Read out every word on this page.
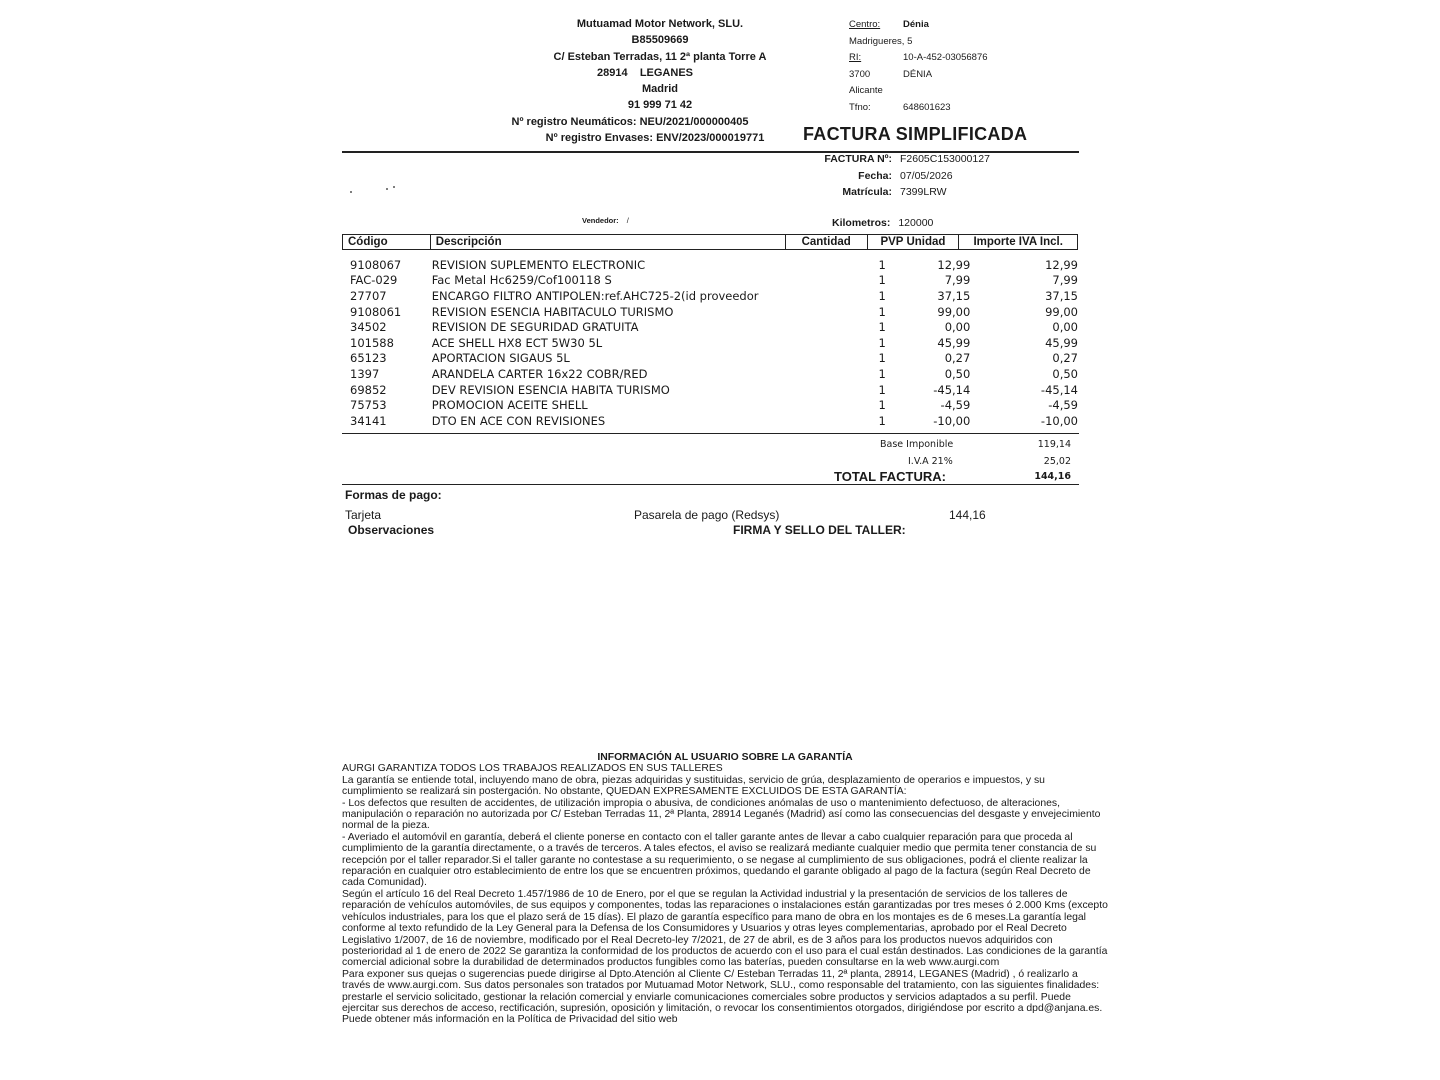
Mutuamad Motor Network, SLU.
B85509669
C/ Esteban Terradas, 11 2ª planta Torre A
28914    LEGANES
Madrid
91 999 71 42
Nº registro Neumáticos: NEU/2021/000000405
Nº registro Envases: ENV/2023/000019771
Centro:	Dénia
Madrigueres, 5
RI:	10-A-452-03056876
3700	DÉNIA
Alicante
Tfno:	648601623
FACTURA SIMPLIFICADA
FACTURA Nº: F2605C153000127
Fecha: 07/05/2026
Matrícula: 7399LRW
Vendedor: /	Kilometros: 120000
Código	Descripción	Cantidad	PVP Unidad	Importe IVA Incl.
9108067	REVISION SUPLEMENTO ELECTRONIC	1	12,99	12,99
FAC-029	Fac Metal Hc6259/Cof100118 S	1	7,99	7,99
27707	ENCARGO FILTRO ANTIPOLEN:ref.AHC725-2(id proveedor	1	37,15	37,15
9108061	REVISION ESENCIA HABITACULO TURISMO	1	99,00	99,00
34502	REVISION DE SEGURIDAD GRATUITA	1	0,00	0,00
101588	ACE SHELL HX8 ECT 5W30 5L	1	45,99	45,99
65123	APORTACION SIGAUS 5L	1	0,27	0,27
1397	ARANDELA CARTER 16x22 COBR/RED	1	0,50	0,50
69852	DEV REVISION ESENCIA HABITA TURISMO	1	-45,14	-45,14
75753	PROMOCION ACEITE SHELL	1	-4,59	-4,59
34141	DTO EN ACE CON REVISIONES	1	-10,00	-10,00
Base Imponible	119,14
I.V.A 21%	25,02
TOTAL FACTURA:	144,16
Formas de pago:
Tarjeta	Pasarela de pago (Redsys)	144,16
Observaciones	FIRMA Y SELLO DEL TALLER:
INFORMACIÓN AL USUARIO SOBRE LA GARANTÍA

AURGI GARANTIZA TODOS LOS TRABAJOS REALIZADOS EN SUS TALLERES

La garantía se entiende total, incluyendo mano de obra, piezas adquiridas y sustituidas, servicio de grúa, desplazamiento de operarios e impuestos, y su cumplimiento se realizará sin postergación. No obstante, QUEDAN EXPRESAMENTE EXCLUIDOS DE ESTA GARANTÍA:

- Los defectos que resulten de accidentes, de utilización impropia o abusiva, de condiciones anómalas de uso o mantenimiento defectuoso, de alteraciones, manipulación o reparación no autorizada por C/ Esteban Terradas 11, 2ª Planta, 28914 Leganés (Madrid) así como las consecuencias del desgaste y envejecimiento normal de la pieza.

- Averiado el automóvil en garantía, deberá el cliente ponerse en contacto con el taller garante antes de llevar a cabo cualquier reparación para que proceda al cumplimiento de la garantía directamente, o a través de terceros. A tales efectos, el aviso se realizará mediante cualquier medio que permita tener constancia de su recepción por el taller reparador.Si el taller garante no contestase a su requerimiento, o se negase al cumplimiento de sus obligaciones, podrá el cliente realizar la reparación en cualquier otro establecimiento de entre los que se encuentren próximos, quedando el garante obligado al pago de la factura (según Real Decreto de cada Comunidad).

Según el artículo 16 del Real Decreto 1.457/1986 de 10 de Enero, por el que se regulan la Actividad industrial y la presentación de servicios de los talleres de reparación de vehículos automóviles, de sus equipos y componentes, todas las reparaciones o instalaciones están garantizadas por tres meses ó 2.000 Kms (excepto vehículos industriales, para los que el plazo será de 15 días). El plazo de garantía específico para mano de obra en los montajes es de 6 meses.La garantía legal conforme al texto refundido de la Ley General para la Defensa de los Consumidores y Usuarios y otras leyes complementarias, aprobado por el Real Decreto Legislativo 1/2007, de 16 de noviembre, modificado por el Real Decreto-ley 7/2021, de 27 de abril, es de 3 años para los productos nuevos adquiridos con posterioridad al 1 de enero de 2022 Se garantiza la conformidad de los productos de acuerdo con el uso para el cual están destinados. Las condiciones de la garantía comercial adicional sobre la durabilidad de determinados productos fungibles como las baterías, pueden consultarse en la web www.aurgi.com

Para exponer sus quejas o sugerencias puede dirigirse al Dpto.Atención al Cliente C/ Esteban Terradas 11, 2ª planta, 28914, LEGANES (Madrid) , ó realizarlo a través de www.aurgi.com. Sus datos personales son tratados por Mutuamad Motor Network, SLU., como responsable del tratamiento, con las siguientes finalidades: prestarle el servicio solicitado, gestionar la relación comercial y enviarle comunicaciones comerciales sobre productos y servicios adaptados a su perfil. Puede ejercitar sus derechos de acceso, rectificación, supresión, oposición y limitación, o revocar los consentimientos otorgados, dirigiéndose por escrito a dpd@anjana.es. Puede obtener más información en la Política de Privacidad del sitio web
